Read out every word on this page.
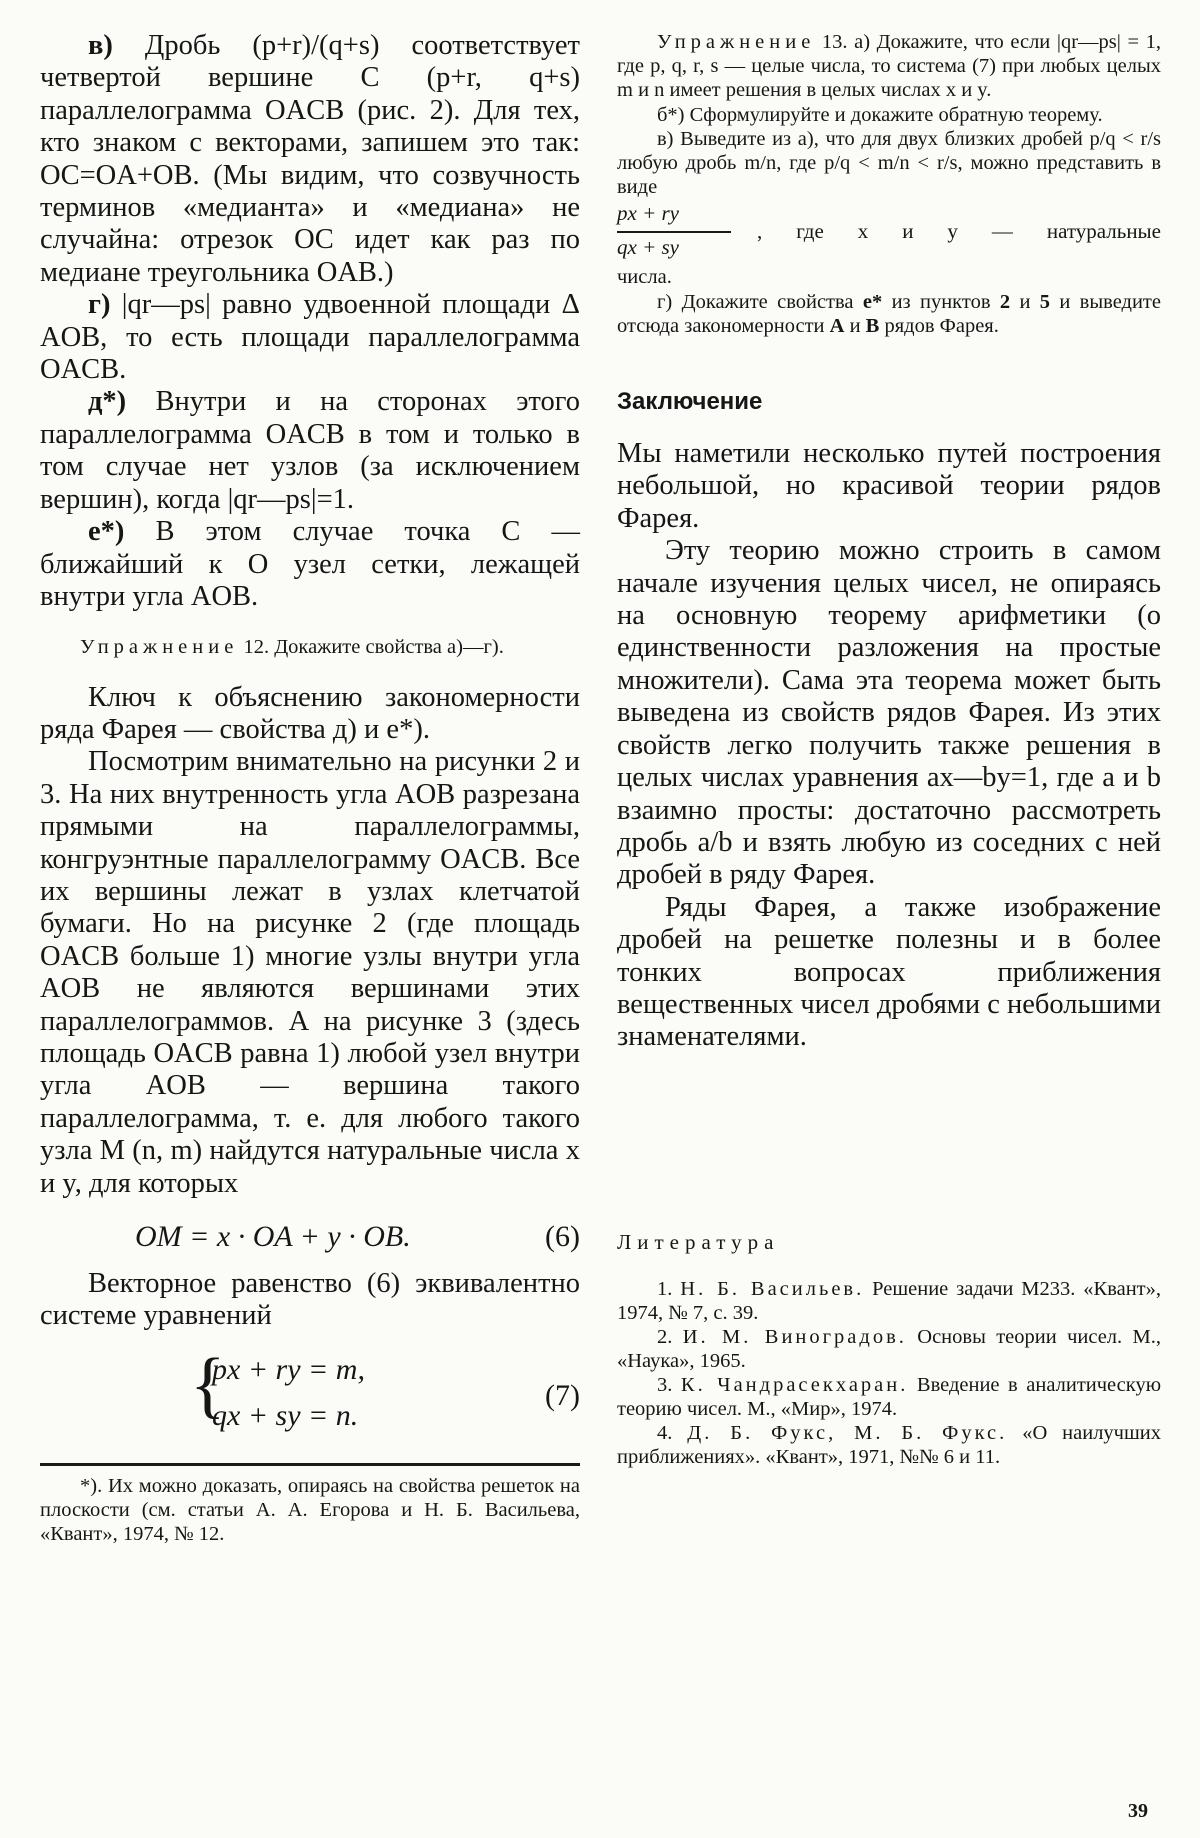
в) Дробь (p+r)/(q+s) соответствует четвертой вершине C (p+r, q+s) параллелограмма OACB (рис. 2). Для тех, кто знаком с векторами, запишем это так: OC=OA+OB. (Мы видим, что созвучность терминов «медианта» и «медиана» не случайна: отрезок OC идет как раз по медиане треугольника OAB.)

г) |qr—ps| равно удвоенной площади Δ AOB, то есть площади параллелограмма OACB.

д*) Внутри и на сторонах этого параллелограмма OACB в том и только в том случае нет узлов (за исключением вершин), когда |qr—ps|=1.

е*) В этом случае точка C — ближайший к O узел сетки, лежащей внутри угла AOB.

Упражнение 12. Докажите свойства а)—г).

Ключ к объяснению закономерности ряда Фарея — свойства д) и е*).

Посмотрим внимательно на рисунки 2 и 3. На них внутренность угла AOB разрезана прямыми на параллелограммы, конгруэнтные параллелограмму OACB. Все их вершины лежат в узлах клетчатой бумаги. Но на рисунке 2 (где площадь OACB больше 1) многие узлы внутри угла AOB не являются вершинами этих параллелограммов. А на рисунке 3 (здесь площадь OACB равна 1) любой узел внутри угла AOB — вершина такого параллелограмма, т. е. для любого такого узла M (n, m) найдутся натуральные числа x и y, для которых

OM = x · OA + y · OB.	(6)

Векторное равенство (6) эквивалентно системе уравнений

{
px + ry = m,
qx + sy = n.
(7)

*). Их можно доказать, опираясь на свойства решеток на плоскости (см. статьи А. А. Егорова и Н. Б. Васильева, «Квант», 1974, № 12.

Упражнение 13. а) Докажите, что если |qr—ps| = 1, где p, q, r, s — целые числа, то система (7) при любых целых m и n имеет решения в целых числах x и y.

б*) Сформулируйте и докажите обратную теорему.

в) Выведите из а), что для двух близких дробей p/q < r/s любую дробь m/n, где p/q < m/n < r/s, можно представить в виде

px + ry
qx + sy
, где x и y — натуральные

числа.

г) Докажите свойства е* из пунктов 2 и 5 и выведите отсюда закономерности А и В рядов Фарея.

Заключение

Мы наметили несколько путей построения небольшой, но красивой теории рядов Фарея.

Эту теорию можно строить в самом начале изучения целых чисел, не опираясь на основную теорему арифметики (о единственности разложения на простые множители). Сама эта теорема может быть выведена из свойств рядов Фарея. Из этих свойств легко получить также решения в целых числах уравнения ax—by=1, где a и b взаимно просты: достаточно рассмотреть дробь a/b и взять любую из соседних с ней дробей в ряду Фарея.

Ряды Фарея, а также изображение дробей на решетке полезны и в более тонких вопросах приближения вещественных чисел дробями с небольшими знаменателями.

Литература

1. Н. Б. Васильев. Решение задачи М233. «Квант», 1974, № 7, с. 39.

2. И. М. Виноградов. Основы теории чисел. М., «Наука», 1965.

3. К. Чандрасекхаран. Введение в аналитическую теорию чисел. М., «Мир», 1974.

4. Д. Б. Фукс, М. Б. Фукс. «О наилучших приближениях». «Квант», 1971, №№ 6 и 11.

39
